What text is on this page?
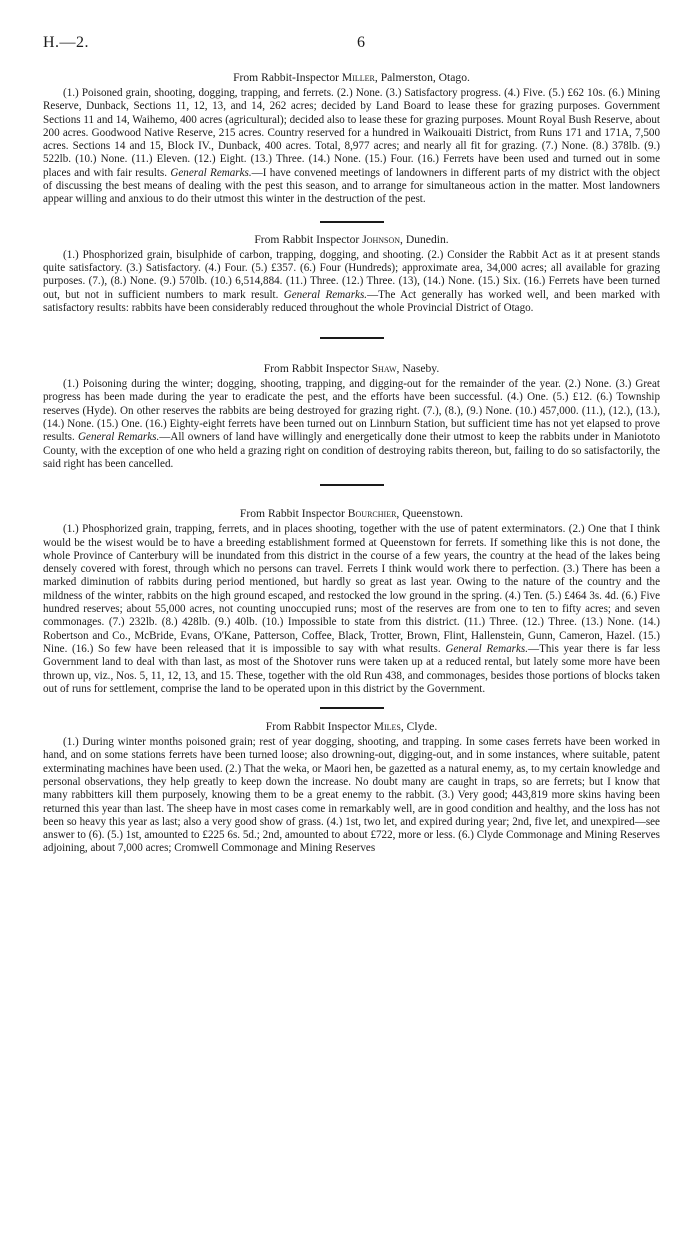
H.—2.	6
From Rabbit-Inspector Miller, Palmerston, Otago.

(1.) Poisoned grain, shooting, dogging, trapping, and ferrets. (2.) None. (3.) Satisfactory progress. (4.) Five. (5.) £62 10s. (6.) Mining Reserve, Dunback, Sections 11, 12, 13, and 14, 262 acres; decided by Land Board to lease these for grazing purposes. Government Sections 11 and 14, Waihemo, 400 acres (agricultural); decided also to lease these for grazing purposes. Mount Royal Bush Reserve, about 200 acres. Goodwood Native Reserve, 215 acres. Country reserved for a hundred in Waikouaiti District, from Runs 171 and 171A, 7,500 acres. Sections 14 and 15, Block IV., Dunback, 400 acres. Total, 8,977 acres; and nearly all fit for grazing. (7.) None. (8.) 378lb. (9.) 522lb. (10.) None. (11.) Eleven. (12.) Eight. (13.) Three. (14.) None. (15.) Four. (16.) Ferrets have been used and turned out in some places and with fair results. General Remarks.—I have convened meetings of landowners in different parts of my district with the object of discussing the best means of dealing with the pest this season, and to arrange for simultaneous action in the matter. Most landowners appear willing and anxious to do their utmost this winter in the destruction of the pest.

From Rabbit Inspector Johnson, Dunedin.

(1.) Phosphorized grain, bisulphide of carbon, trapping, dogging, and shooting. (2.) Consider the Rabbit Act as it at present stands quite satisfactory. (3.) Satisfactory. (4.) Four. (5.) £357. (6.) Four (Hundreds); approximate area, 34,000 acres; all available for grazing purposes. (7.), (8.) None. (9.) 570lb. (10.) 6,514,884. (11.) Three. (12.) Three. (13), (14.) None. (15.) Six. (16.) Ferrets have been turned out, but not in sufficient numbers to mark result. General Remarks.—The Act generally has worked well, and been marked with satisfactory results: rabbits have been considerably reduced throughout the whole Provincial District of Otago.

From Rabbit Inspector Shaw, Naseby.

(1.) Poisoning during the winter; dogging, shooting, trapping, and digging-out for the remainder of the year. (2.) None. (3.) Great progress has been made during the year to eradicate the pest, and the efforts have been successful. (4.) One. (5.) £12. (6.) Township reserves (Hyde). On other reserves the rabbits are being destroyed for grazing right. (7.), (8.), (9.) None. (10.) 457,000. (11.), (12.), (13.), (14.) None. (15.) One. (16.) Eighty-eight ferrets have been turned out on Linnburn Station, but sufficient time has not yet elapsed to prove results. General Remarks.—All owners of land have willingly and energetically done their utmost to keep the rabbits under in Maniototo County, with the exception of one who held a grazing right on condition of destroying rabits thereon, but, failing to do so satisfactorily, the said right has been cancelled.

From Rabbit Inspector Bourchier, Queenstown.

(1.) Phosphorized grain, trapping, ferrets, and in places shooting, together with the use of patent exterminators. (2.) One that I think would be the wisest would be to have a breeding establishment formed at Queenstown for ferrets. If something like this is not done, the whole Province of Canterbury will be inundated from this district in the course of a few years, the country at the head of the lakes being densely covered with forest, through which no persons can travel. Ferrets I think would work there to perfection. (3.) There has been a marked diminution of rabbits during period mentioned, but hardly so great as last year. Owing to the nature of the country and the mildness of the winter, rabbits on the high ground escaped, and restocked the low ground in the spring. (4.) Ten. (5.) £464 3s. 4d. (6.) Five hundred reserves; about 55,000 acres, not counting unoccupied runs; most of the reserves are from one to ten to fifty acres; and seven commonages. (7.) 232lb. (8.) 428lb. (9.) 40lb. (10.) Impossible to state from this district. (11.) Three. (12.) Three. (13.) None. (14.) Robertson and Co., McBride, Evans, O'Kane, Patterson, Coffee, Black, Trotter, Brown, Flint, Hallenstein, Gunn, Cameron, Hazel. (15.) Nine. (16.) So few have been released that it is impossible to say with what results. General Remarks.—This year there is far less Government land to deal with than last, as most of the Shotover runs were taken up at a reduced rental, but lately some more have been thrown up, viz., Nos. 5, 11, 12, 13, and 15. These, together with the old Run 438, and commonages, besides those portions of blocks taken out of runs for settlement, comprise the land to be operated upon in this district by the Government.

From Rabbit Inspector Miles, Clyde.

(1.) During winter months poisoned grain; rest of year dogging, shooting, and trapping. In some cases ferrets have been worked in hand, and on some stations ferrets have been turned loose; also drowning-out, digging-out, and in some instances, where suitable, patent exterminating machines have been used. (2.) That the weka, or Maori hen, be gazetted as a natural enemy, as, to my certain knowledge and personal observations, they help greatly to keep down the increase. No doubt many are caught in traps, so are ferrets; but I know that many rabbitters kill them purposely, knowing them to be a great enemy to the rabbit. (3.) Very good; 443,819 more skins having been returned this year than last. The sheep have in most cases come in remarkably well, are in good condition and healthy, and the loss has not been so heavy this year as last; also a very good show of grass. (4.) 1st, two let, and expired during year; 2nd, five let, and unexpired—see answer to (6). (5.) 1st, amounted to £225 6s. 5d.; 2nd, amounted to about £722, more or less. (6.) Clyde Commonage and Mining Reserves adjoining, about 7,000 acres; Cromwell Commonage and Mining Reserves
